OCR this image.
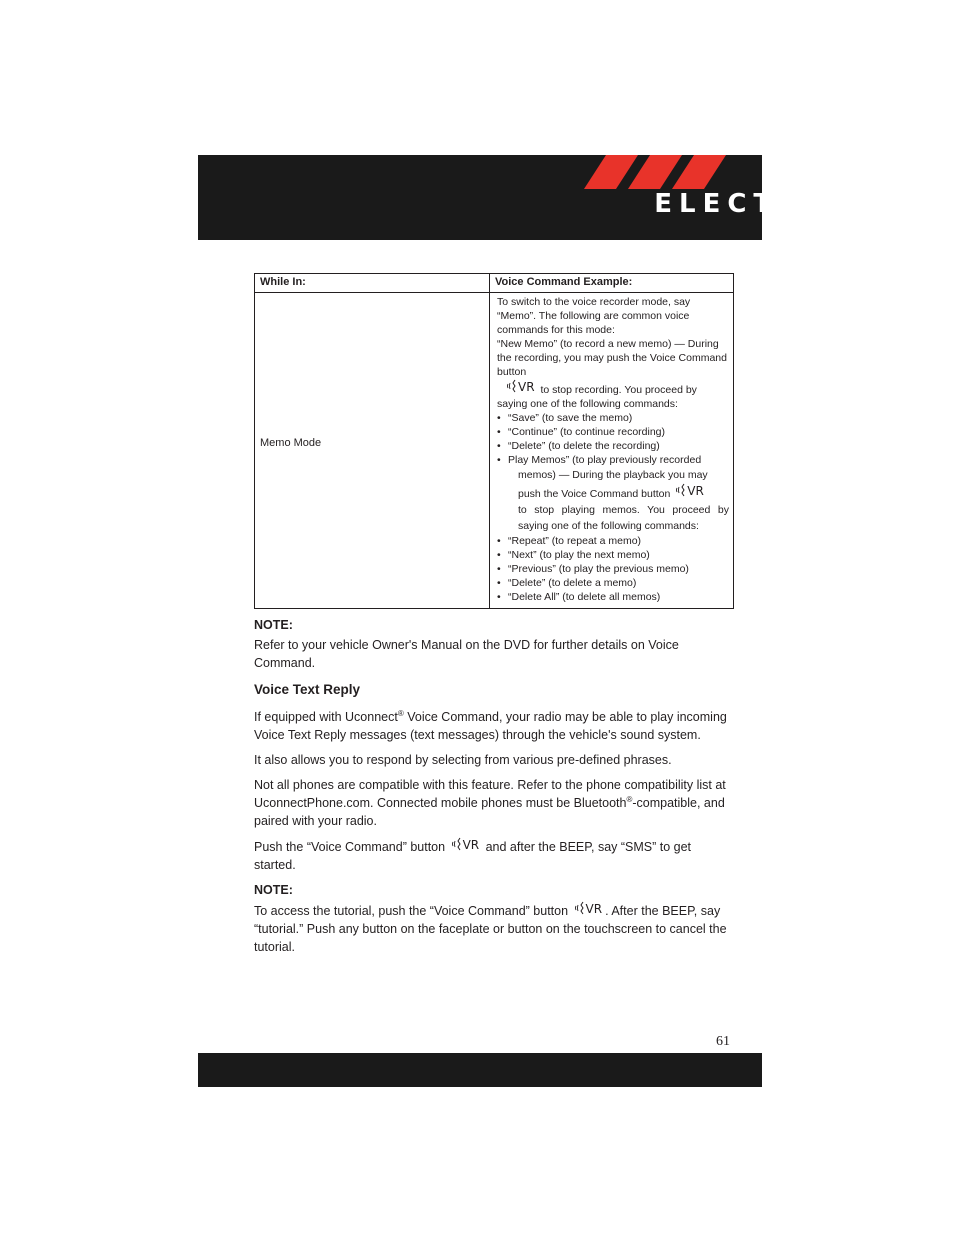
ELECTRONICS
While In:	Voice Command Example:
Memo Mode

To switch to the voice recorder mode, say “Memo”. The following are common voice commands for this mode:

“New Memo” (to record a new memo) — During the recording, you may push the Voice Command button

VR to stop recording. You proceed by saying one of the following commands:

• “Save” (to save the memo)

• “Continue” (to continue recording)

• “Delete” (to delete the recording)

• Play Memos” (to play previously recorded

memos) — During the playback you may

push the Voice Command button VR

to stop playing memos. You proceed by

saying one of the following commands:

• “Repeat” (to repeat a memo)

• “Next” (to play the next memo)

• “Previous” (to play the previous memo)

• “Delete” (to delete a memo)

• “Delete All” (to delete all memos)

NOTE:

Refer to your vehicle Owner's Manual on the DVD for further details on Voice Command.

Voice Text Reply

If equipped with Uconnect® Voice Command, your radio may be able to play incoming Voice Text Reply messages (text messages) through the vehicle's sound system.

It also allows you to respond by selecting from various pre-defined phrases.

Not all phones are compatible with this feature. Refer to the phone compatibility list at UconnectPhone.com. Connected mobile phones must be Bluetooth®-compatible, and paired with your radio.

Push the “Voice Command” button VR and after the BEEP, say “SMS” to get started.

NOTE:

To access the tutorial, push the “Voice Command” button VR . After the BEEP, say “tutorial.” Push any button on the faceplate or button on the touchscreen to cancel the tutorial.

61
